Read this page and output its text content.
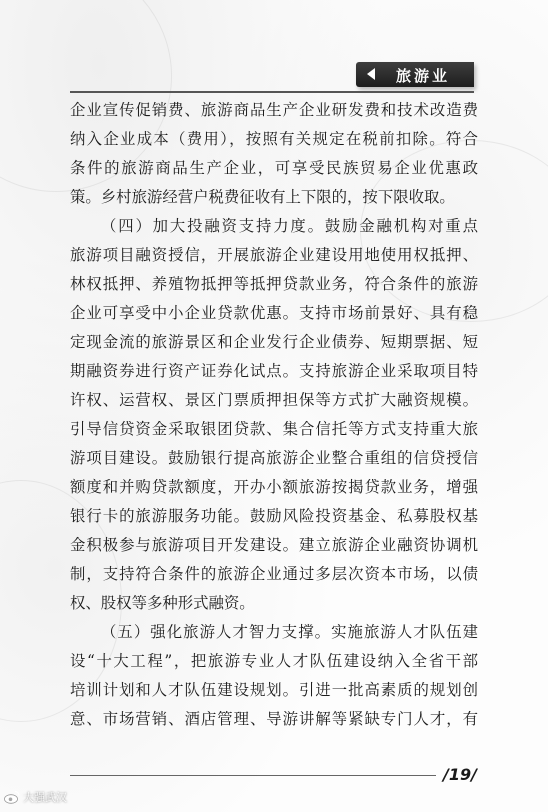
旅游业
企业宣传促销费、旅游商品生产企业研发费和技术改造费
纳入企业成本（费用），按照有关规定在税前扣除。符合
条件的旅游商品生产企业，可享受民族贸易企业优惠政
策。乡村旅游经营户税费征收有上下限的，按下限收取。
（四）加大投融资支持力度。鼓励金融机构对重点
旅游项目融资授信，开展旅游企业建设用地使用权抵押、
林权抵押、养殖物抵押等抵押贷款业务，符合条件的旅游
企业可享受中小企业贷款优惠。支持市场前景好、具有稳
定现金流的旅游景区和企业发行企业债券、短期票据、短
期融资券进行资产证券化试点。支持旅游企业采取项目特
许权、运营权、景区门票质押担保等方式扩大融资规模。
引导信贷资金采取银团贷款、集合信托等方式支持重大旅
游项目建设。鼓励银行提高旅游企业整合重组的信贷授信
额度和并购贷款额度，开办小额旅游按揭贷款业务，增强
银行卡的旅游服务功能。鼓励风险投资基金、私募股权基
金积极参与旅游项目开发建设。建立旅游企业融资协调机
制，支持符合条件的旅游企业通过多层次资本市场，以债
权、股权等多种形式融资。
（五）强化旅游人才智力支撑。实施旅游人才队伍建
设“十大工程”，把旅游专业人才队伍建设纳入全省干部
培训计划和人才队伍建设规划。引进一批高素质的规划创
意、市场营销、酒店管理、导游讲解等紧缺专门人才，有
/19/
大强武汉
